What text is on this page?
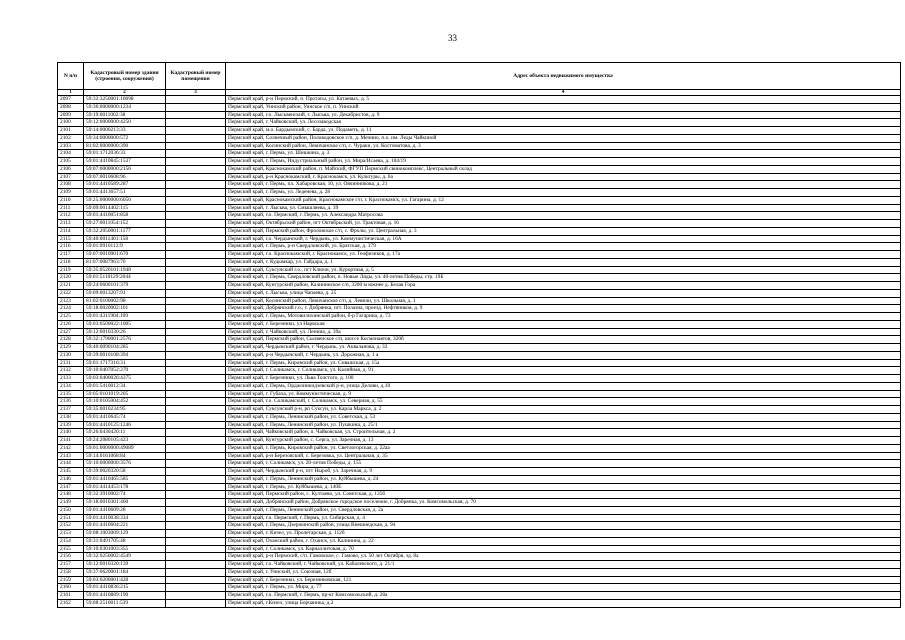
33
N п/п	Кадастровый номер здания (строения, сооружения)	Кадастровый номер помещения	Адрес объекта недвижимого имущества
1	2	3	4
2097	59:32:3250001:10698		Пермский край, р-н Пермский, п. Протасы, ул. Катаевых, д. 5
2098	59:36:0000000:1234		Пермский край, Уинский район, Уинское с/п, п. Уинский
2099	59:19:0011002:38		Пермский край, г.о. Лысьвенский, г. Лысьва, ул. Декабристов, д. 9
2100	59:12:0000000:4250		Пермский край, г. Чайковский, ул. Лесозаводская
2101	59:14:0000213:33		Пермский край, м.о. Бардымский, с. Барда, ул. Подаметь, д. 11
2102	59:34:0000000:572		Пермский край, Солнечный район, Половодовское с/п, д. Мечино, п.о. им. Леды Чайкиной
2103	81:02:0000000:390		Пермский край, Косинский район, Левичанское с/п, с. Чураки, ул. Костоматова, д. 3
2104	59:01:1712036:33		Пермский край, г. Пермь, ул. Шишкина, д. 3
2105	59:01:4410845:1537		Пермский край, г. Пермь, Индустриальный район, ул. Мира/Исаева, д. 104/19
2106	59:07:0000000:2156		Пермский край, Краснокамский район, п. Майский, ФГУП Пермский свинокомплекс, Центральный склад
2107	59:07:0010608:96		Пермский край, р-н Краснокамский, г. Краснокамск, ул. Культуры, д. 6а
2108	59:01:4410589:287		Пермский край, г. Пермь, пл. Хабаровская, 10, ул. Овчинникова, д. 21
2109	59:01:4413657:51		Пермский край, г. Пермь, ул. Леденева, д. 28
2110	59:25:0000000:6056		Пермский край, Краснокамский район, Краснокамское г/п, г. Краснокамск, ул. Гагарина, д. 12
2111	59:09:0014402:115		Пермский край, г. Лысьва, ул. Смышляева, д. 39
2112	59:01:4410051:858		Пермский край, г.о. Пермский, г. Пермь, ул. Александра Матросова
2113	59:27:0011054:152		Пермский край, Октябрьский район, пгт Октябрьский, ул. Трактовая, д. 16
2114	59:32:2050001:1177		Пермский край, Пермский район, Фроловское с/п, с. Фролы, ул. Центральная, д. 3
2115	59:40:0011401:158		Пермский край, г.о. Чердынский, г. Чердынь, ул. Коммунистическая, д. 16А
2116	59:01:0910112:9		Пермский край, г. Пермь, р-н Свердловский, ул. Братская, д. 179
2117	59:07:0010901:670		Пермский край, г.о. Краснокамский, г. Краснокамск, ул. Геофизиков, д. 17а
2118	81:07:0087963:70		Пермский край, г. Кудымкар, ул. Гайдара, д. 1
2119	59:35:0520101:1948		Пермский край, Суксунский г.о., пгт Ключи, ул. Курортная, д. 5
2120	59:01:5110129:2044		Пермский край, г. Пермь, Свердловский район, п. Новые Ляды, ул. 40-летия Победы, стр. 19Б
2121	59:24:0600101:379		Пермский край, Кунгурский район, Калининское с/п, 3200 м южнее д. Белая Гора
2122	59:09:0013207:91		Пермский край, г. Лысьва, улица Чапаева, д. 25
2123	81:02:0100002:98		Пермский край, Косинский район, Левичанское с/п, д. Левичи, ул. Школьная, д. 1
2124	59:18:0020002:101		Пермский край, Добрянский г.о., г. Добрянка, пгт. Полазна, проезд. Нефтяников, д. 9
2125	59:01:4311904:109		Пермский край, г. Пермь, Мотовилихинский район, б-р Гагарина, д. 73
2126	59:03:0500022:1005		Пермский край, г. Березники, ул Нарвская
2127	59:12:0010330:26		Пермский край, г. Чайковский, ул. Ленина, д. 39а
2128	59:32:1790001:2576		Пермский край, Пермский район, Сылвенское с/п, шоссе Космонавтов, 320б
2129	59:40:0090104:285		Пермский край, Чердынский район, г. Чердынь, ул. Акваланова, д. 32
2130	59:39:0010108:394		Пермский край, р-н Чердынский, г. Чердынь, ул. Дорожная, д. 1 а
2131	59:01:1717316:31		Пермский край, г. Пермь, Кировский район, ул. Сивашская, д. 15а
2132	59:10:0407052:270		Пермский край, г. Соликамск, г. Соликамск, ул. Калийная, д. 91
2133	59:03:0400026:4375		Пермский край, г. Березники, ул. Льва Толстого, д. 100
2134	59:01:5410012:34		Пермский край, г. Пермь, Орджоникидзевский р-н, улица Делови, д.10
2135	59:05:0101019:205		Пермский край, г. Губаха, ул. Коммунистическая, д. 9
2136	59:10:0105004:452		Пермский край, г.о. Соликамский, г. Соликамск, ул. Северная, д. 55
2137	59:35:0010234:95		Пермский край, Суксунский р-н, рп Суксун, ул. Карла Маркса, д. 2
2138	59:01:4410645:74		Пермский край, г. Пермь, Ленинский район, ул. Советская, д. 53
2139	59:01:4410125:1246		Пермский край, г. Пермь, Ленинский район, ул. Пушкина, д. 25/1
2140	59:26:0430420:11		Пермский край, Чайковский район, п. Чайковская, ул. Строительная, д. 2
2141	59:24:2080105:423		Пермский край, Кунгурский район, с. Серга, ул. Заречная, д. 13
2142	59:01:0000000:49089		Пермский край, г. Пермь, Кировский район, ул. Светлогорская, д. 22аа
2143	59:14:0161068:84		Пермский край, р-н Березовский, с. Березовка, ул. Центральная, д. 35
2144	59:10:0000000:3576		Пермский край, г. Соликамск, ул. 20-летия Победы, д. 155
2145	59:39:0020320:58		Пермский край, Чердынский р-н, пгт Ныроб, ул. Заречная, д. 9
2146	59:01:4410465:585		Пермский край, г. Пермь, Ленинский район, ул. Куйбышева, д. 24
2147	59:01:4414453:178		Пермский край, г. Пермь, ул. Куйбышева, д. 140Е
2148	59:32:3910002:74		Пермский край, Пермский район, с. Култаево, ул. Советская, д. 135б
2149	59:18:0010301:460		Пермский край, Добрянский район, Добрянское городское поселение, г. Добрянка, ул. Комсомольская, д. 70
2150	59:01:4410609:28		Пермский край, г. Пермь, Ленинский район, ул. Свердловская, д. 2а
2151	59:01:4410038:334		Пермский край, г.о. Пермский, г. Пермь, ул. Сибирская, д. 4
2152	59:01:4410604:221		Пермский край, г. Пермь, Дзержинский район, улица Внешнедская, д. 94
2153	59:08:1003009:129		Пермский край, г. Кизел, ул. Пролетарская, д. 112б
2154	59:31:0491705:48		Пермский край, Оханский район, г. Оханск, ул. Калинина, д. 22
2155	59:10:0301003:355		Пермский край, г. Соликамск, ул. Карналлитовая, д. 70
2156	59:32:0250002:4549		Пермский край, р-н Пермский, с/п. Гамовское, с. Гамово, ул. 50 лет Октября, зд. 8а
2157	59:12:0010320:139		Пермский край, г.о. Чайковский, г. Чайковский, ул. Кабалевского, д. 21/1
2158	59:37:0620001:184		Пермский край, г. Уинский, ул. Союзная, 12б
2159	59:03:0200001:428		Пермский край, г. Березники, ул. Березниковская, 121
2160	59:01:4410836:215		Пермский край, г. Пермь, ул. Мира, д. 77
2161	59:01:4410889:190		Пермский край, г.о. Пермский, г. Пермь, пр-кт Комсомольский, д. 28а
2162	59:08:2510011:539		Пермский край, г.Кизел, улица Борчаника, д.2
